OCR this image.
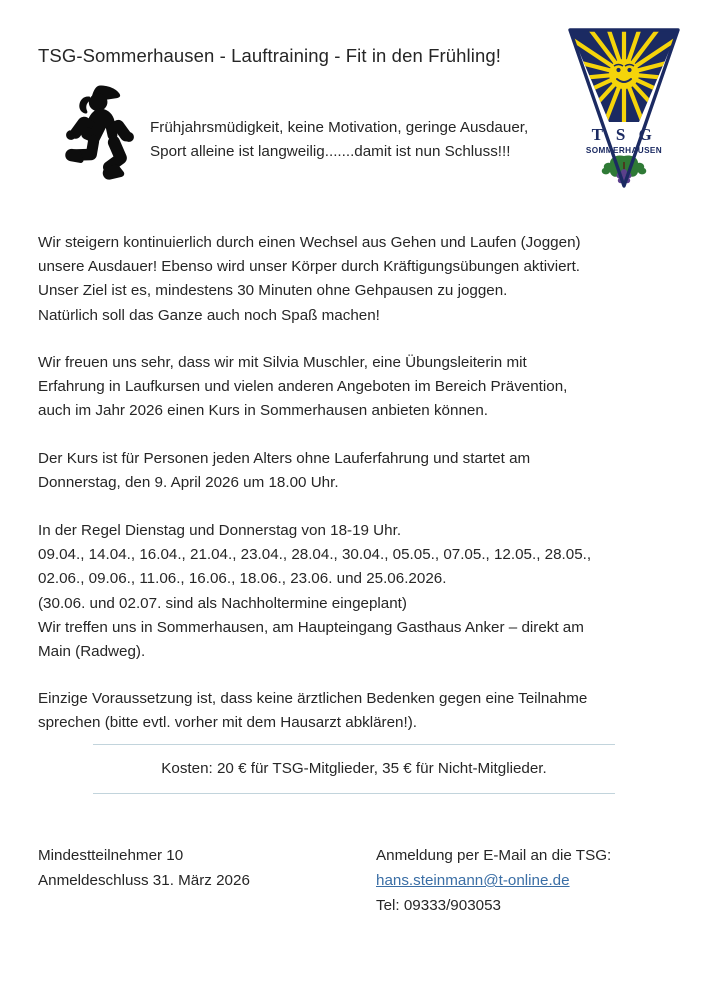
TSG-Sommerhausen - Lauftraining - Fit in den Frühling!
Frühjahrsmüdigkeit, keine Motivation, geringe Ausdauer,
Sport alleine ist langweilig.......damit ist nun Schluss!!!
T S G
SOMMERHAUSEN
Wir steigern kontinuierlich durch einen Wechsel aus Gehen und Laufen (Joggen)
unsere Ausdauer! Ebenso wird unser Körper durch Kräftigungsübungen aktiviert.
Unser Ziel ist es, mindestens 30 Minuten ohne Gehpausen zu joggen.
Natürlich soll das Ganze auch noch Spaß machen!
Wir freuen uns sehr, dass wir mit Silvia Muschler, eine Übungsleiterin mit
Erfahrung in Laufkursen und vielen anderen Angeboten im Bereich Prävention,
auch im Jahr 2026 einen Kurs in Sommerhausen anbieten können.
Der Kurs ist für Personen jeden Alters ohne Lauferfahrung und startet am
Donnerstag, den 9. April 2026 um 18.00 Uhr.
In der Regel Dienstag und Donnerstag von 18-19 Uhr.
09.04., 14.04., 16.04., 21.04., 23.04., 28.04., 30.04., 05.05., 07.05., 12.05., 28.05.,
02.06., 09.06., 11.06., 16.06., 18.06., 23.06. und 25.06.2026.
(30.06. und 02.07. sind als Nachholtermine eingeplant)
Wir treffen uns in Sommerhausen, am Haupteingang Gasthaus Anker – direkt am
Main (Radweg).
Einzige Voraussetzung ist, dass keine ärztlichen Bedenken gegen eine Teilnahme
sprechen (bitte evtl. vorher mit dem Hausarzt abklären!).
Kosten: 20 € für TSG-Mitglieder, 35 € für Nicht-Mitglieder.
Mindestteilnehmer 10
Anmeldeschluss 31. März 2026
Anmeldung per E-Mail an die TSG:
hans.steinmann@t-online.de
Tel: 09333/903053
